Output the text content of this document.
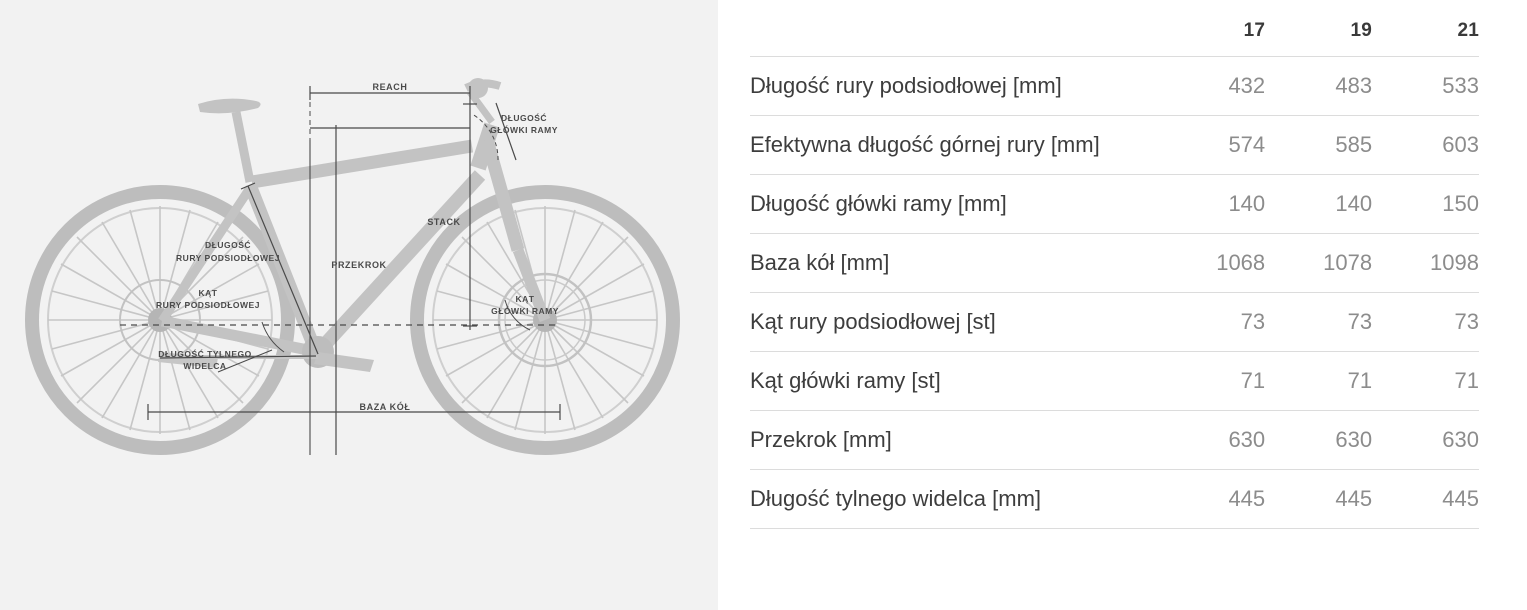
REACH
DŁUGOŚĆ
GŁÓWKI RAMY
STACK
DŁUGOŚĆ
RURY PODSIODŁOWEJ
PRZEKROK
KĄT
RURY PODSIODŁOWEJ
KĄT
GŁÓWKI RAMY
DŁUGOŚĆ TYLNEGO
WIDELCA
BAZA KÓŁ
	17	19	21
Długość rury podsiodłowej [mm]	432	483	533
Efektywna długość górnej rury [mm]	574	585	603
Długość główki ramy [mm]	140	140	150
Baza kół [mm]	1068	1078	1098
Kąt rury podsiodłowej [st]	73	73	73
Kąt główki ramy [st]	71	71	71
Przekrok [mm]	630	630	630
Długość tylnego widelca [mm]	445	445	445
